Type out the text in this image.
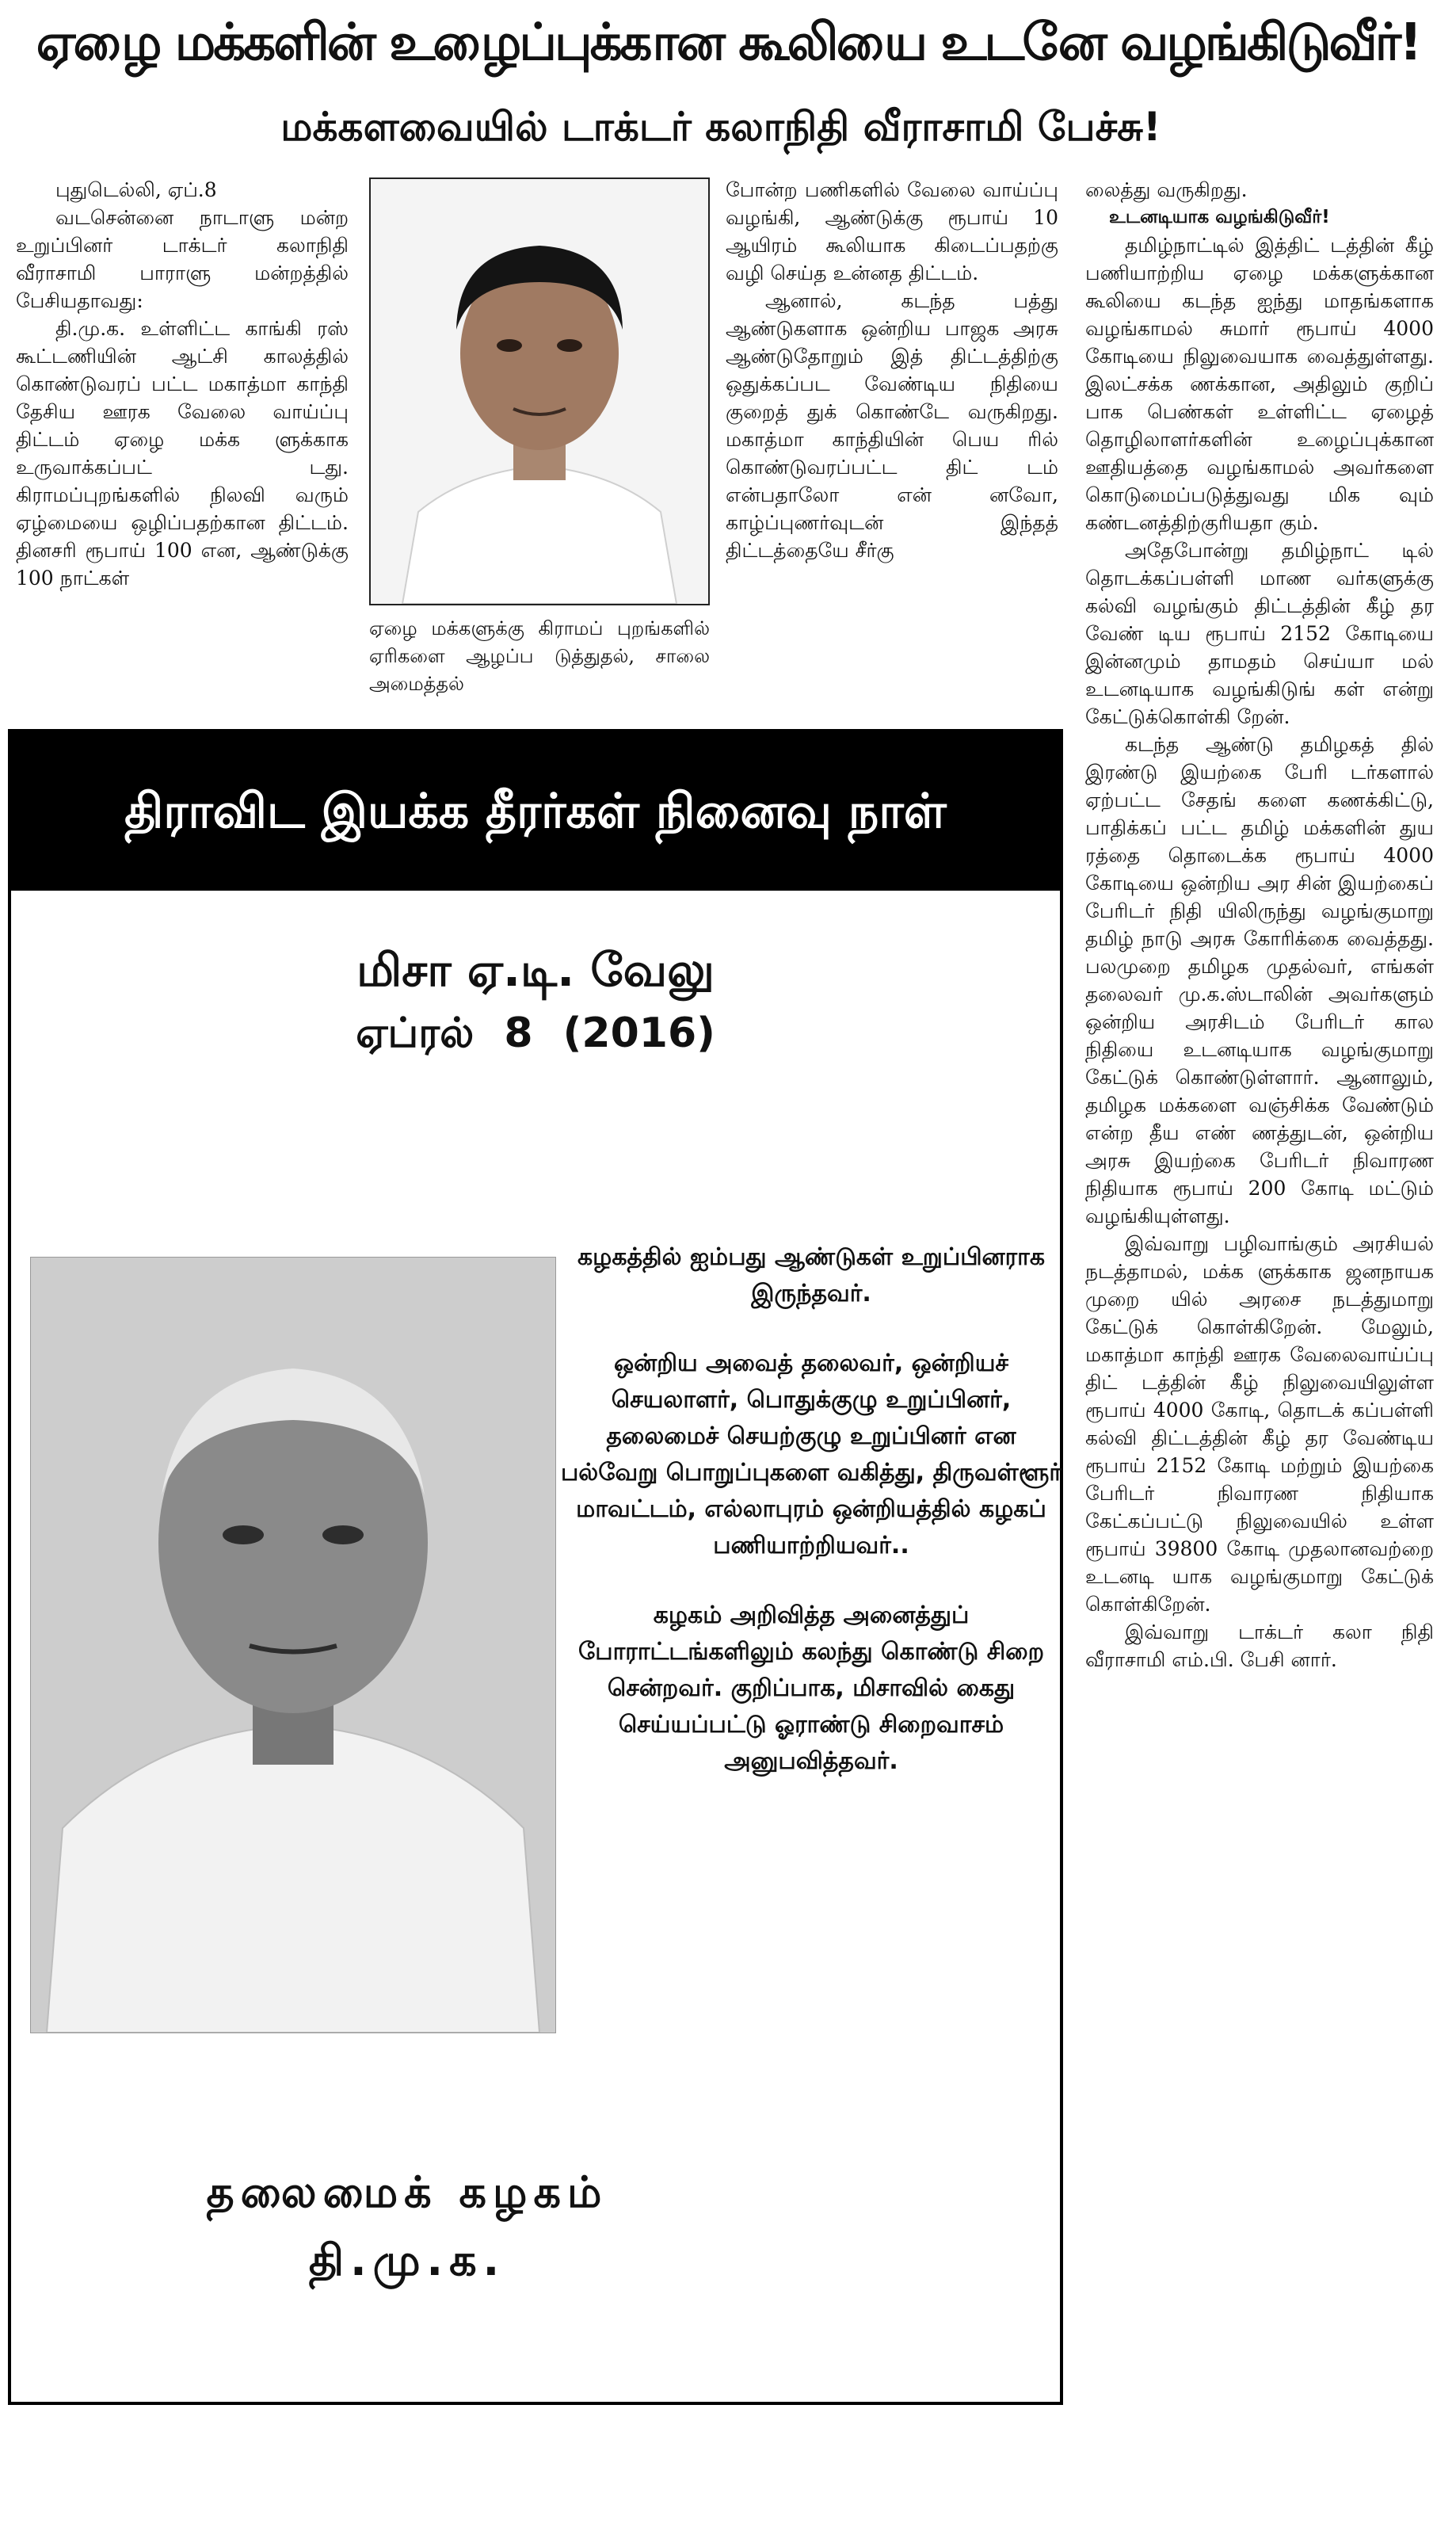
ஏழை மக்களின் உழைப்புக்கான கூலியை உடனே வழங்கிடுவீர்!
மக்களவையில் டாக்டர் கலாநிதி வீராசாமி பேச்சு!

புதுடெல்லி, ஏப்.8

வடசென்னை நாடாளு மன்ற உறுப்பினர் டாக்டர் கலாநிதி வீராசாமி பாராளு மன்றத்தில் பேசியதாவது:

தி.மு.க. உள்ளிட்ட காங்கி ரஸ் கூட்டணியின் ஆட்சி காலத்தில் கொண்டுவரப் பட்ட மகாத்மா காந்தி தேசிய ஊரக வேலை வாய்ப்பு திட்டம் ஏழை மக்க ளுக்காக உருவாக்கப்பட் டது. கிராமப்புறங்களில் நிலவி வரும் ஏழ்மையை ஒழிப்பதற்கான திட்டம். தினசரி ரூபாய் 100 என, ஆண்டுக்கு 100 நாட்கள்

ஏழை மக்களுக்கு கிராமப் புறங்களில் ஏரிகளை ஆழப்ப டுத்துதல், சாலை அமைத்தல்

போன்ற பணிகளில் வேலை வாய்ப்பு வழங்கி, ஆண்டுக்கு ரூபாய் 10 ஆயிரம் கூலியாக கிடைப்பதற்கு வழி செய்த உன்னத திட்டம்.

ஆனால், கடந்த பத்து ஆண்டுகளாக ஒன்றிய பாஜக அரசு ஆண்டுதோறும் இத் திட்டத்திற்கு ஒதுக்கப்பட வேண்டிய நிதியை குறைத் துக் கொண்டே வருகிறது. மகாத்மா காந்தியின் பெய ரில் கொண்டுவரப்பட்ட திட் டம் என்பதாலோ என் னவோ, காழ்ப்புணர்வுடன் இந்தத் திட்டத்தையே சீர்கு

லைத்து வருகிறது.

உடனடியாக வழங்கிடுவீர்!

தமிழ்நாட்டில் இத்திட் டத்தின் கீழ் பணியாற்றிய ஏழை மக்களுக்கான கூலியை கடந்த ஐந்து மாதங்களாக வழங்காமல் சுமார் ரூபாய் 4000 கோடியை நிலுவையாக வைத்துள்ளது. இலட்சக்க ணக்கான, அதிலும் குறிப் பாக பெண்கள் உள்ளிட்ட ஏழைத் தொழிலாளர்களின் உழைப்புக்கான ஊதியத்தை வழங்காமல் அவர்களை கொடுமைப்படுத்துவது மிக வும் கண்டனத்திற்குரியதா கும்.

அதேபோன்று தமிழ்நாட் டில் தொடக்கப்பள்ளி மாண வர்களுக்கு கல்வி வழங்கும் திட்டத்தின் கீழ் தர வேண் டிய ரூபாய் 2152 கோடியை இன்னமும் தாமதம் செய்யா மல் உடனடியாக வழங்கிடுங் கள் என்று கேட்டுக்கொள்கி றேன்.

கடந்த ஆண்டு தமிழகத் தில் இரண்டு இயற்கை பேரி டர்களால் ஏற்பட்ட சேதங் களை கணக்கிட்டு, பாதிக்கப் பட்ட தமிழ் மக்களின் துய ரத்தை தொடைக்க ரூபாய் 4000 கோடியை ஒன்றிய அர சின் இயற்கைப் பேரிடர் நிதி யிலிருந்து வழங்குமாறு தமிழ் நாடு அரசு கோரிக்கை வைத்தது. பலமுறை தமிழக முதல்வர், எங்கள் தலைவர் மு.க.ஸ்டாலின் அவர்களும் ஒன்றிய அரசிடம் பேரிடர் கால நிதியை உடனடியாக வழங்குமாறு கேட்டுக் கொண்டுள்ளார். ஆனாலும், தமிழக மக்களை வஞ்சிக்க வேண்டும் என்ற தீய எண் ணத்துடன், ஒன்றிய அரசு இயற்கை பேரிடர் நிவாரண நிதியாக ரூபாய் 200 கோடி மட்டும் வழங்கியுள்ளது.

இவ்வாறு பழிவாங்கும் அரசியல் நடத்தாமல், மக்க ளுக்காக ஜனநாயக முறை யில் அரசை நடத்துமாறு கேட்டுக் கொள்கிறேன். மேலும், மகாத்மா காந்தி ஊரக வேலைவாய்ப்பு திட் டத்தின் கீழ் நிலுவையிலுள்ள ரூபாய் 4000 கோடி, தொடக் கப்பள்ளி கல்வி திட்டத்தின் கீழ் தர வேண்டிய ரூபாய் 2152 கோடி மற்றும் இயற்கை பேரிடர் நிவாரண நிதியாக கேட்கப்பட்டு நிலுவையில் உள்ள ரூபாய் 39800 கோடி முதலானவற்றை உடனடி யாக வழங்குமாறு கேட்டுக் கொள்கிறேன்.

இவ்வாறு டாக்டர் கலா நிதி வீராசாமி எம்.பி. பேசி னார்.

திராவிட இயக்க தீரர்கள் நினைவு நாள்
மிசா ஏ.டி. வேலு
ஏப்ரல் 8 (2016)

கழகத்தில் ஐம்பது ஆண்டுகள் உறுப்பினராக இருந்தவர்.

ஒன்றிய அவைத் தலைவர், ஒன்றியச் செயலாளர், பொதுக்குழு உறுப்பினர், தலைமைச் செயற்குழு உறுப்பினர் என பல்வேறு பொறுப்புகளை வகித்து, திருவள்ளூர் மாவட்டம், எல்லாபுரம் ஒன்றியத்தில் கழகப் பணியாற்றியவர்..

கழகம் அறிவித்த அனைத்துப் போராட்டங்களிலும் கலந்து கொண்டு சிறை சென்றவர். குறிப்பாக, மிசாவில் கைது செய்யப்பட்டு ஓராண்டு சிறைவாசம் அனுபவித்தவர்.

தலைமைக் கழகம்
தி.மு.க.
